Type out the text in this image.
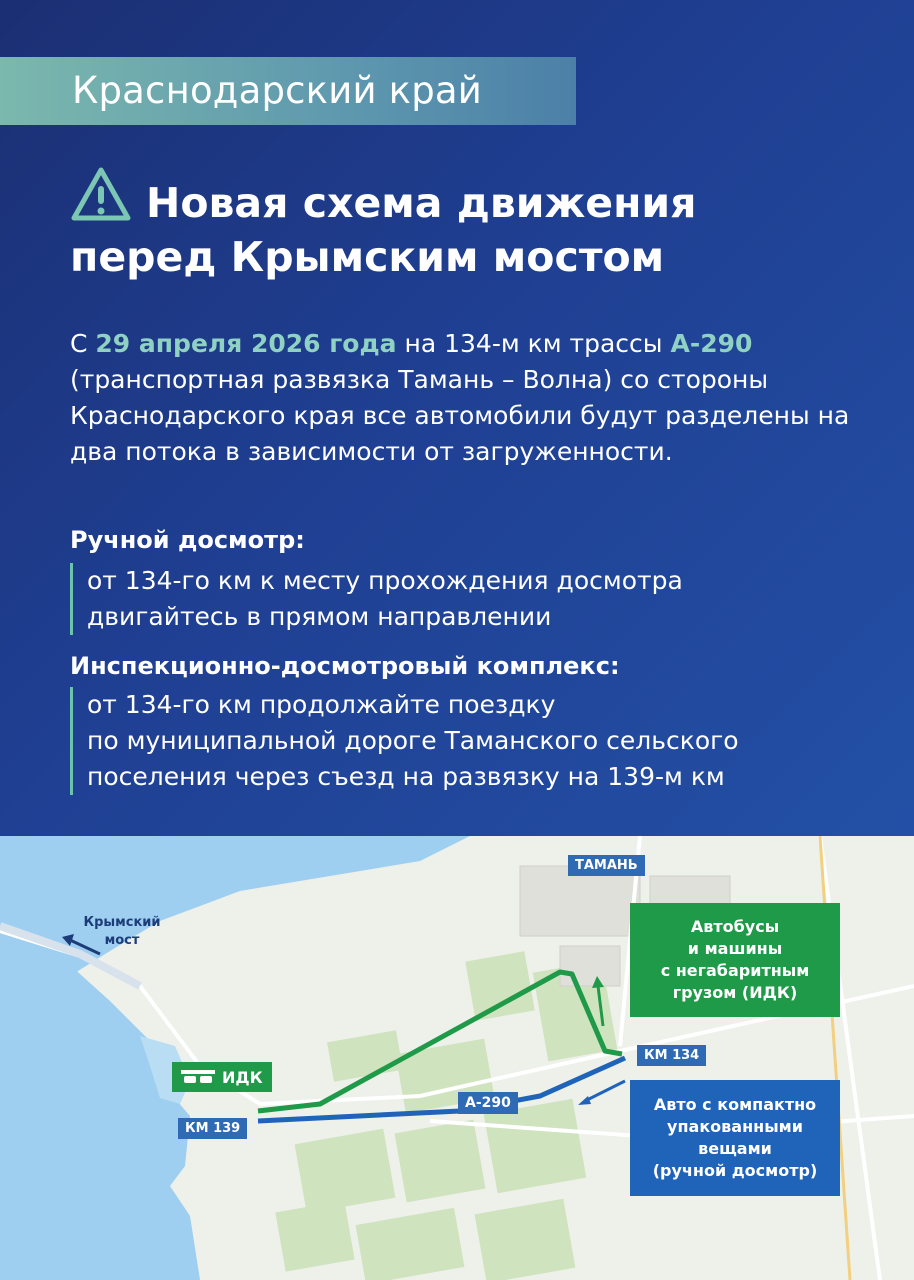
Краснодарский край
Новая схема движения
перед Крымским мостом
С 29 апреля 2026 года на 134-м км трассы А-290 (транспортная развязка Тамань – Волна) со стороны Краснодарского края все автомобили будут разделены на два потока в зависимости от загруженности.
Ручной досмотр:
от 134-го км к месту прохождения досмотра
двигайтесь в прямом направлении
Инспекционно-досмотровый комплекс:
от 134-го км продолжайте поездку
по муниципальной дороге Таманского сельского
поселения через съезд на развязку на 139-м км
ТАМАНЬ
Крымский
мост
КМ 134
КМ 139
А-290
ИДК
Автобусы
и машины
с негабаритным
грузом (ИДК)
Авто с компактно
упакованными
вещами
(ручной досмотр)
